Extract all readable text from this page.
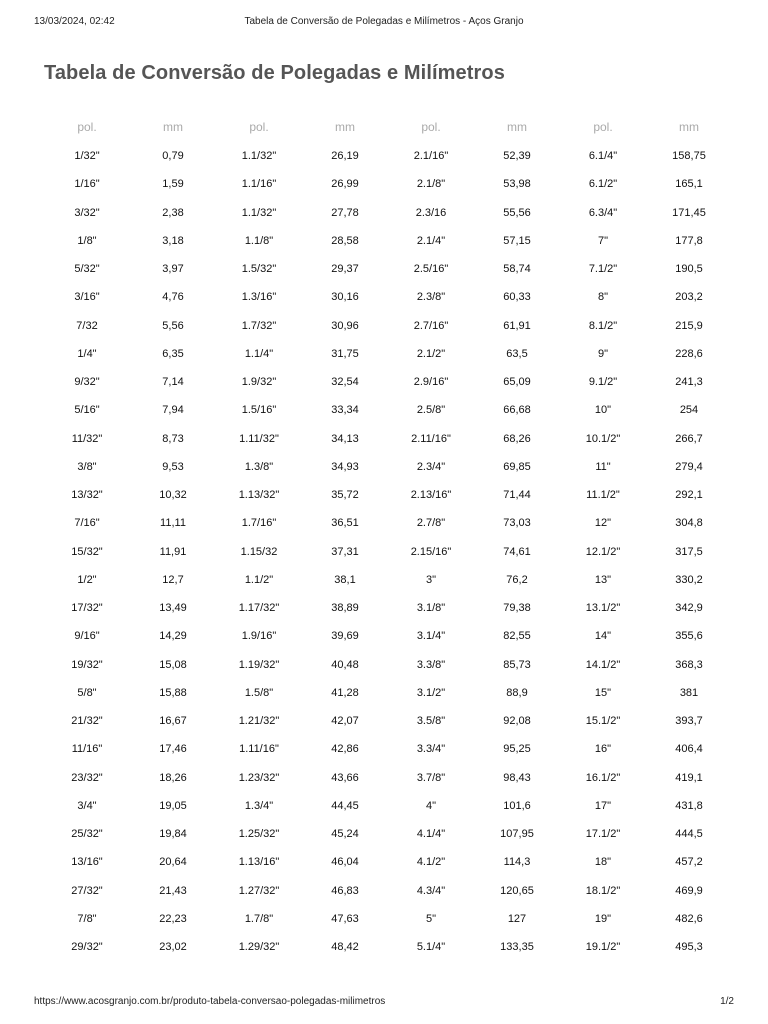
13/03/2024, 02:42	Tabela de Conversão de Polegadas e Milímetros - Aços Granjo
Tabela de Conversão de Polegadas e Milímetros
pol.	mm	pol.	mm	pol.	mm	pol.	mm
1/32"	0,79	1.1/32"	26,19	2.1/16"	52,39	6.1/4"	158,75
1/16"	1,59	1.1/16"	26,99	2.1/8"	53,98	6.1/2"	165,1
3/32"	2,38	1.1/32"	27,78	2.3/16	55,56	6.3/4"	171,45
1/8"	3,18	1.1/8"	28,58	2.1/4"	57,15	7"	177,8
5/32"	3,97	1.5/32"	29,37	2.5/16"	58,74	7.1/2"	190,5
3/16"	4,76	1.3/16"	30,16	2.3/8"	60,33	8"	203,2
7/32	5,56	1.7/32"	30,96	2.7/16"	61,91	8.1/2"	215,9
1/4"	6,35	1.1/4"	31,75	2.1/2"	63,5	9"	228,6
9/32"	7,14	1.9/32"	32,54	2.9/16"	65,09	9.1/2"	241,3
5/16"	7,94	1.5/16"	33,34	2.5/8"	66,68	10"	254
11/32"	8,73	1.11/32"	34,13	2.11/16"	68,26	10.1/2"	266,7
3/8"	9,53	1.3/8"	34,93	2.3/4"	69,85	11"	279,4
13/32"	10,32	1.13/32"	35,72	2.13/16"	71,44	11.1/2"	292,1
7/16"	11,11	1.7/16"	36,51	2.7/8"	73,03	12"	304,8
15/32"	11,91	1.15/32	37,31	2.15/16"	74,61	12.1/2"	317,5
1/2"	12,7	1.1/2"	38,1	3"	76,2	13"	330,2
17/32"	13,49	1.17/32"	38,89	3.1/8"	79,38	13.1/2"	342,9
9/16"	14,29	1.9/16"	39,69	3.1/4"	82,55	14"	355,6
19/32"	15,08	1.19/32"	40,48	3.3/8"	85,73	14.1/2"	368,3
5/8"	15,88	1.5/8"	41,28	3.1/2"	88,9	15"	381
21/32"	16,67	1.21/32"	42,07	3.5/8"	92,08	15.1/2"	393,7
11/16"	17,46	1.11/16"	42,86	3.3/4"	95,25	16"	406,4
23/32"	18,26	1.23/32"	43,66	3.7/8"	98,43	16.1/2"	419,1
3/4"	19,05	1.3/4"	44,45	4"	101,6	17"	431,8
25/32"	19,84	1.25/32"	45,24	4.1/4"	107,95	17.1/2"	444,5
13/16"	20,64	1.13/16"	46,04	4.1/2"	114,3	18"	457,2
27/32"	21,43	1.27/32"	46,83	4.3/4"	120,65	18.1/2"	469,9
7/8"	22,23	1.7/8"	47,63	5"	127	19"	482,6
29/32"	23,02	1.29/32"	48,42	5.1/4"	133,35	19.1/2"	495,3
https://www.acosgranjo.com.br/produto-tabela-conversao-polegadas-milimetros	1/2
